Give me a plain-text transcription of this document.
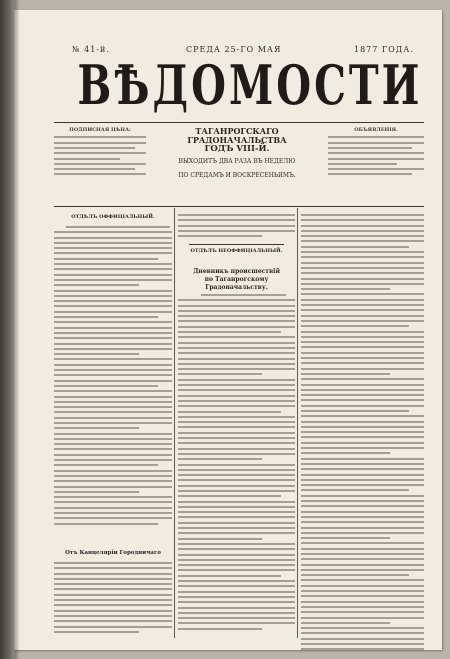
№ 41-й.	СРЕДА 25-ГО МАЯ	1877 ГОДА.
ВѢДОМОСТИ
ПОДПИСНАЯ ЦѢНА:	ТАГАНРОГСКАГО ГРАДОНАЧАЛЬСТВА
ГОДЪ VIII-Й.
ВЫХОДИТЪ ДВА РАЗА ВЪ НЕДЕЛЮ
ПО СРЕДАМЪ И ВОСКРЕСЕНЬЯМЪ.
ОБЪЯВЛЕНІЯ.
ОТДѢЛЪ ОФФИЦІАЛЬНЫЙ.
Отъ Канцелярiи Городничаго
ОТДѢЛЪ НЕОФФИЦІАЛЬНЫЙ.
Дневникъ происшествій
по Таганрогскому Градоначальству.
